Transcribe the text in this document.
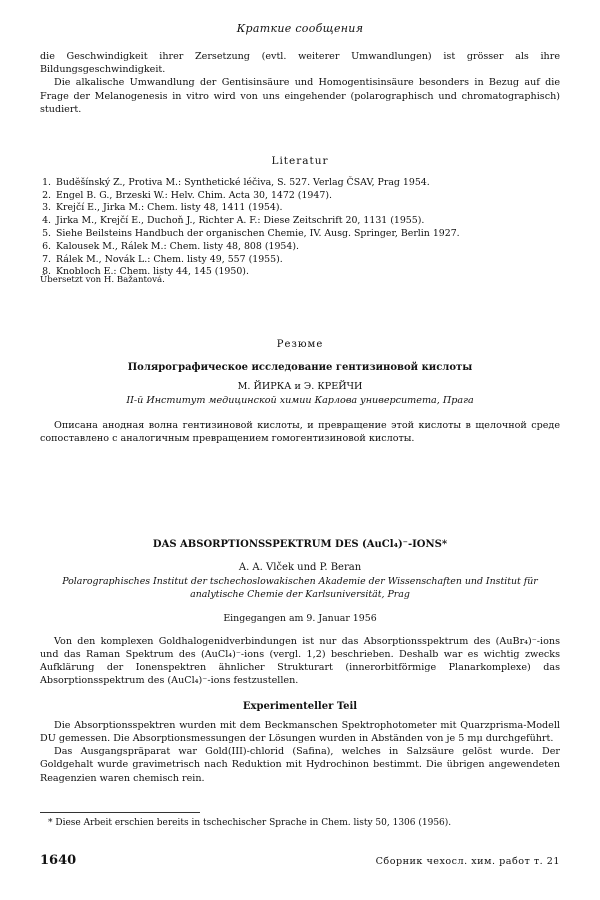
Краткие сообщения

die Geschwindigkeit ihrer Zersetzung (evtl. weiterer Umwandlungen) ist grösser als ihre Bildungsgeschwindigkeit.

Die alkalische Umwandlung der Gentisinsäure und Homogentisinsäure besonders in Bezug auf die Frage der Melanogenesis in vitro wird von uns eingehender (polarographisch und chromatographisch) studiert.

Literatur
1. Budĕšínský Z., Protiva M.: Synthetické léčiva, S. 527. Verlag ČSAV, Prag 1954.
2. Engel B. G., Brzeski W.: Helv. Chim. Acta 30, 1472 (1947).
3. Krejčí E., Jirka M.: Chem. listy 48, 1411 (1954).
4. Jirka M., Krejčí E., Duchoň J., Richter A. F.: Diese Zeitschrift 20, 1131 (1955).
5. Siehe Beilsteins Handbuch der organischen Chemie, IV. Ausg. Springer, Berlin 1927.
6. Kalousek M., Rálek M.: Chem. listy 48, 808 (1954).
7. Rálek M., Novák L.: Chem. listy 49, 557 (1955).
8. Knobloch E.: Chem. listy 44, 145 (1950).
Übersetzt von H. Bažantová.
Резюме
Полярографическое исследование гентизиновой кислоты
М. ЙИРКА и Э. КРЕЙЧИ
II-й Институт медицинской химии Карлова университета, Прага

Описана анодная волна гентизиновой кислоты, и превращение этой кислоты в щелочной среде сопоставлено с аналогичным превращением гомогентизиновой кислоты.

DAS ABSORPTIONSSPEKTRUM DES (AuCl₄)⁻-IONS*
A. A. Vlček und P. Beran
Polarographisches Institut der tschechoslowakischen Akademie der Wissenschaften und Institut für analytische Chemie der Karlsuniversität, Prag
Eingegangen am 9. Januar 1956

Von den komplexen Goldhalogenidverbindungen ist nur das Absorptionsspektrum des (AuBr₄)⁻-ions und das Raman Spektrum des (AuCl₄)⁻-ions (vergl. 1,2) beschrieben. Deshalb war es wichtig zwecks Aufklärung der Ionenspektren ähnlicher Strukturart (innerorbitförmige Planarkomplexe) das Absorptionsspektrum des (AuCl₄)⁻-ions festzustellen.

Experimenteller Teil

Die Absorptionsspektren wurden mit dem Beckmanschen Spektrophotometer mit Quarzprisma-Modell DU gemessen. Die Absorptionsmessungen der Lösungen wurden in Abständen von je 5 mμ durchgeführt.

Das Ausgangspräparat war Gold(III)-chlorid (Safina), welches in Salzsäure gelöst wurde. Der Goldgehalt wurde gravimetrisch nach Reduktion mit Hydrochinon bestimmt. Die übrigen angewendeten Reagenzien waren chemisch rein.

* Diese Arbeit erschien bereits in tschechischer Sprache in Chem. listy 50, 1306 (1956).
1640	Сборник чехосл. хим. работ т. 21
